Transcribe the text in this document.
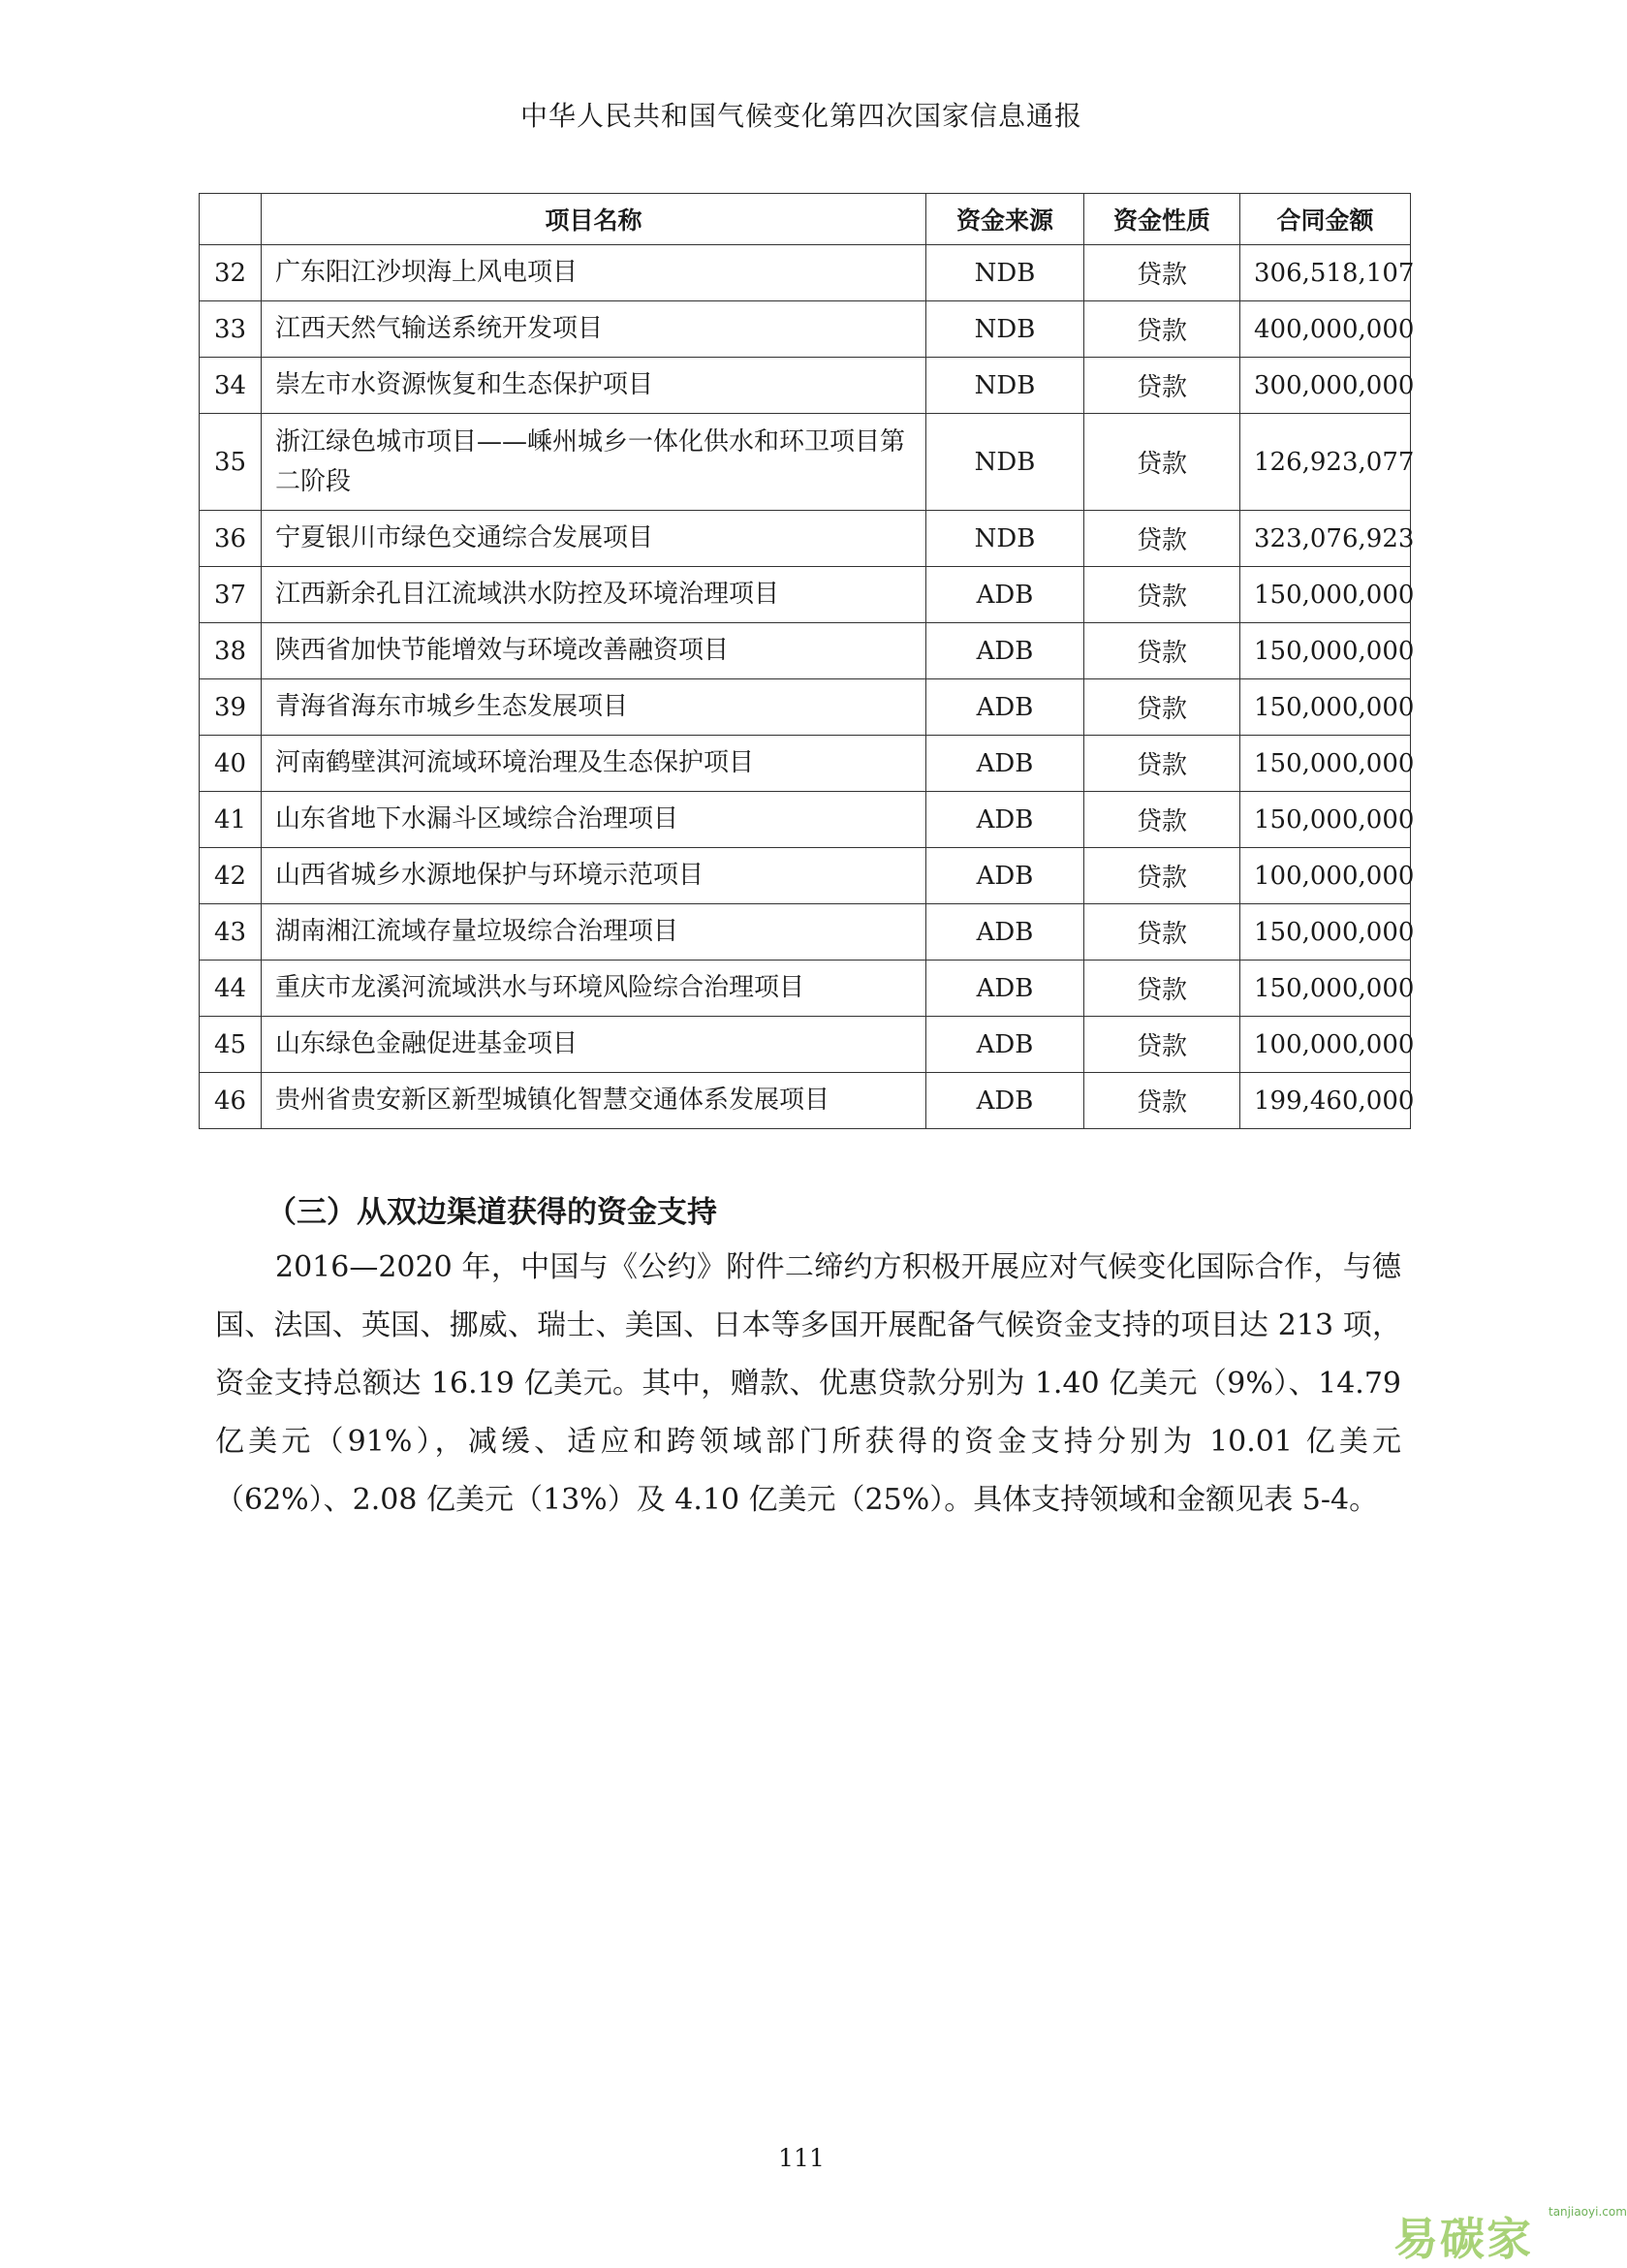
中华人民共和国气候变化第四次国家信息通报
	项目名称	资金来源	资金性质	合同金额
32	广东阳江沙坝海上风电项目	NDB	贷款	306,518,107
33	江西天然气输送系统开发项目	NDB	贷款	400,000,000
34	崇左市水资源恢复和生态保护项目	NDB	贷款	300,000,000
35	浙江绿色城市项目——嵊州城乡一体化供水和环卫项目第二阶段	NDB	贷款	126,923,077
36	宁夏银川市绿色交通综合发展项目	NDB	贷款	323,076,923
37	江西新余孔目江流域洪水防控及环境治理项目	ADB	贷款	150,000,000
38	陕西省加快节能增效与环境改善融资项目	ADB	贷款	150,000,000
39	青海省海东市城乡生态发展项目	ADB	贷款	150,000,000
40	河南鹤壁淇河流域环境治理及生态保护项目	ADB	贷款	150,000,000
41	山东省地下水漏斗区域综合治理项目	ADB	贷款	150,000,000
42	山西省城乡水源地保护与环境示范项目	ADB	贷款	100,000,000
43	湖南湘江流域存量垃圾综合治理项目	ADB	贷款	150,000,000
44	重庆市龙溪河流域洪水与环境风险综合治理项目	ADB	贷款	150,000,000
45	山东绿色金融促进基金项目	ADB	贷款	100,000,000
46	贵州省贵安新区新型城镇化智慧交通体系发展项目	ADB	贷款	199,460,000
（三）从双边渠道获得的资金支持
2016—2020 年，中国与《公约》附件二缔约方积极开展应对气候变化国际合作，与德国、法国、英国、挪威、瑞士、美国、日本等多国开展配备气候资金支持的项目达 213 项，资金支持总额达 16.19 亿美元。其中，赠款、优惠贷款分别为 1.40 亿美元（9%）、14.79 亿美元（91%），减缓、适应和跨领域部门所获得的资金支持分别为 10.01 亿美元（62%）、2.08 亿美元（13%）及 4.10 亿美元（25%）。具体支持领域和金额见表 5-4。
111
易碳家
tanjiaoyi.com
